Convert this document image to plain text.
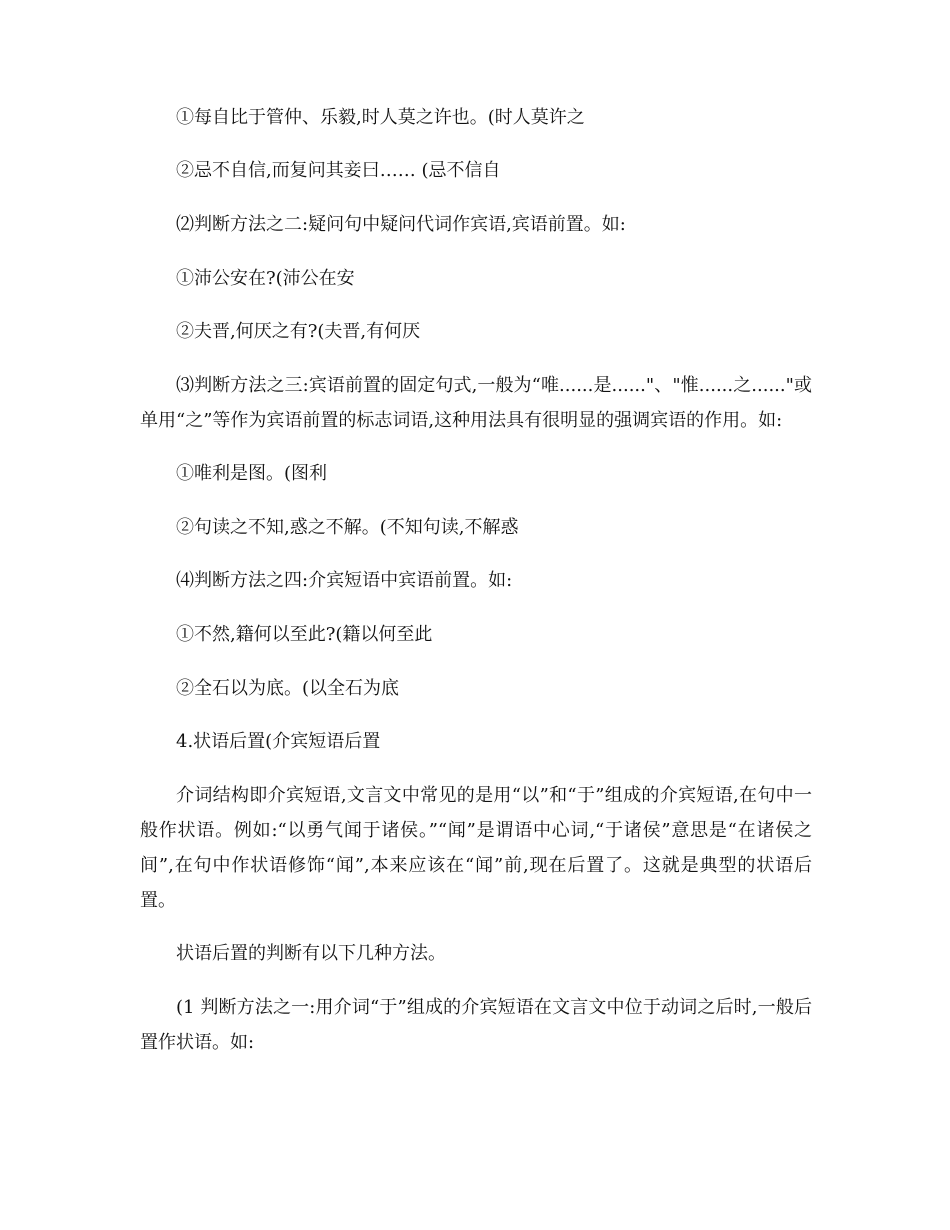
①每自比于管仲、乐毅,时人莫之许也。(时人莫许之

②忌不自信,而复问其妾曰…… (忌不信自

⑵判断方法之二:疑问句中疑问代词作宾语,宾语前置。如:

①沛公安在?(沛公在安

②夫晋,何厌之有?(夫晋,有何厌

⑶判断方法之三:宾语前置的固定句式,一般为“唯......是......"、"惟......之......"或单用“之”等作为宾语前置的标志词语,这种用法具有很明显的强调宾语的作用。如:

①唯利是图。(图利

②句读之不知,惑之不解。(不知句读,不解惑

⑷判断方法之四:介宾短语中宾语前置。如:

①不然,籍何以至此?(籍以何至此

②全石以为底。(以全石为底

4.状语后置(介宾短语后置

介词结构即介宾短语,文言文中常见的是用“以”和“于”组成的介宾短语,在句中一般作状语。例如:“以勇气闻于诸侯。”“闻”是谓语中心词,“于诸侯”意思是“在诸侯之间”,在句中作状语修饰“闻”,本来应该在“闻”前,现在后置了。这就是典型的状语后置。

状语后置的判断有以下几种方法。

(1 判断方法之一:用介词“于”组成的介宾短语在文言文中位于动词之后时,一般后置作状语。如:
